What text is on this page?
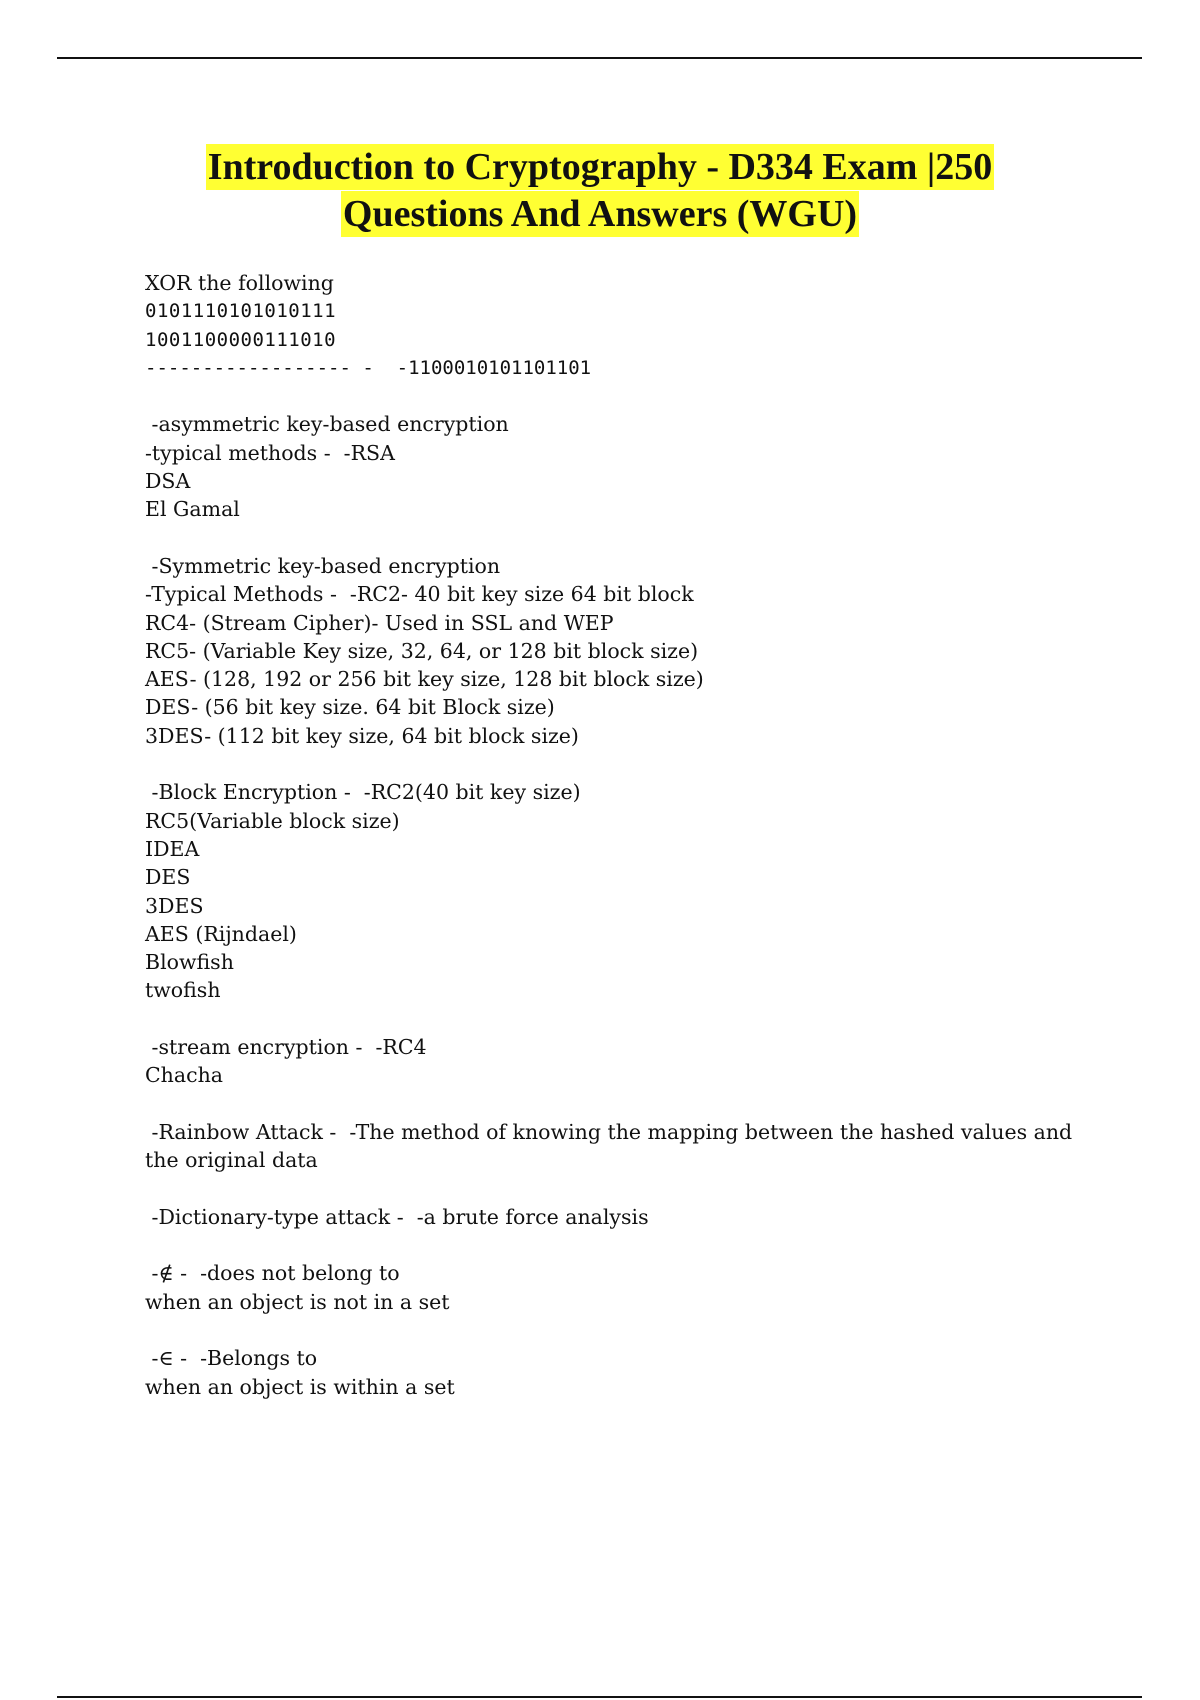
Introduction to Cryptography - D334 Exam |250
Questions And Answers (WGU)
XOR the following
0101110101010111
1001100000111010
------------------ -  -1100010101101101
-asymmetric key-based encryption
-typical methods -  -RSA
DSA
El Gamal
-Symmetric key-based encryption
-Typical Methods -  -RC2- 40 bit key size 64 bit block
RC4- (Stream Cipher)- Used in SSL and WEP
RC5- (Variable Key size, 32, 64, or 128 bit block size)
AES- (128, 192 or 256 bit key size, 128 bit block size)
DES- (56 bit key size. 64 bit Block size)
3DES- (112 bit key size, 64 bit block size)
-Block Encryption -  -RC2(40 bit key size)
RC5(Variable block size)
IDEA
DES
3DES
AES (Rijndael)
Blowfish
twofish
-stream encryption -  -RC4
Chacha
-Rainbow Attack -  -The method of knowing the mapping between the hashed values and the original data
-Dictionary-type attack -  -a brute force analysis
-∉ -  -does not belong to
when an object is not in a set
-∈ -  -Belongs to
when an object is within a set
